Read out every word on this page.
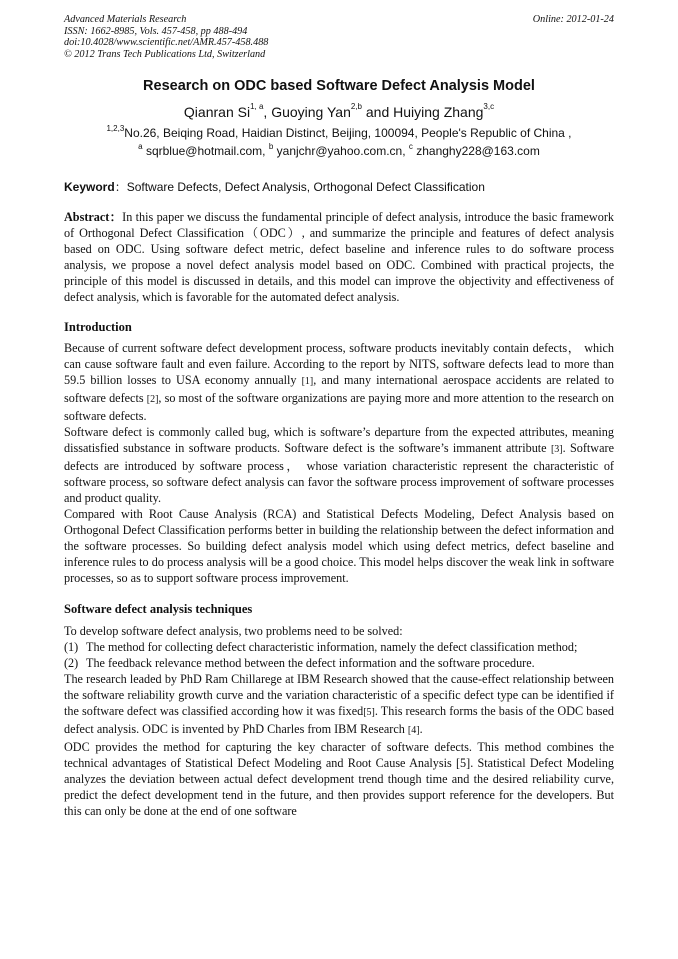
Advanced Materials Research
ISSN: 1662-8985, Vols. 457-458, pp 488-494
doi:10.4028/www.scientific.net/AMR.457-458.488
© 2012 Trans Tech Publications Ltd, Switzerland
Online: 2012-01-24
Research on ODC based Software Defect Analysis Model
Qianran Si$^{1, a}$, Guoying Yan$^{2,b}$ and Huiying Zhang$^{3,c}$
$^{1,2,3}$No.26, Beiqing Road, Haidian Distinct, Beijing, 100094, People's Republic of China ,
$^a$ sqrblue@hotmail.com, $^b$ yanjchr@yahoo.com.cn, $^c$ zhanghy228@163.com
Keyword：Software Defects, Defect Analysis, Orthogonal Defect Classification
Abstract：In this paper we discuss the fundamental principle of defect analysis, introduce the basic framework of Orthogonal Defect Classification（ODC）, and summarize the principle and features of defect analysis based on ODC. Using software defect metric, defect baseline and inference rules to do software process analysis, we propose a novel defect analysis model based on ODC. Combined with practical projects, the principle of this model is discussed in details, and this model can improve the objectivity and effectiveness of defect analysis, which is favorable for the automated defect analysis.
Introduction

Because of current software defect development process, software products inevitably contain defects， which can cause software fault and even failure. According to the report by NITS, software defects lead to more than 59.5 billion losses to USA economy annually [1], and many international aerospace accidents are related to software defects [2], so most of the software organizations are paying more and more attention to the research on software defects.

Software defect is commonly called bug, which is software’s departure from the expected attributes, meaning dissatisfied substance in software products. Software defect is the software’s immanent attribute [3]. Software defects are introduced by software process， whose variation characteristic represent the characteristic of software process, so software defect analysis can favor the software process improvement of software processes and product quality.

Compared with Root Cause Analysis (RCA) and Statistical Defects Modeling, Defect Analysis based on Orthogonal Defect Classification performs better in building the relationship between the defect information and the software processes. So building defect analysis model which using defect metrics, defect baseline and inference rules to do process analysis will be a good choice. This model helps discover the weak link in software processes, so as to support software process improvement.

Software defect analysis techniques

To develop software defect analysis, two problems need to be solved:

(1) The method for collecting defect characteristic information, namely the defect classification method;
(2) The feedback relevance method between the defect information and the software procedure.

The research leaded by PhD Ram Chillarege at IBM Research showed that the cause-effect relationship between the software reliability growth curve and the variation characteristic of a specific defect type can be identified if the software defect was classified according how it was fixed[5]. This research forms the basis of the ODC based defect analysis. ODC is invented by PhD Charles from IBM Research [4].

ODC provides the method for capturing the key character of software defects. This method combines the technical advantages of Statistical Defect Modeling and Root Cause Analysis [5]. Statistical Defect Modeling analyzes the deviation between actual defect development trend though time and the desired reliability curve, predict the defect development tend in the future, and then provides support reference for the developers. But this can only be done at the end of one software
